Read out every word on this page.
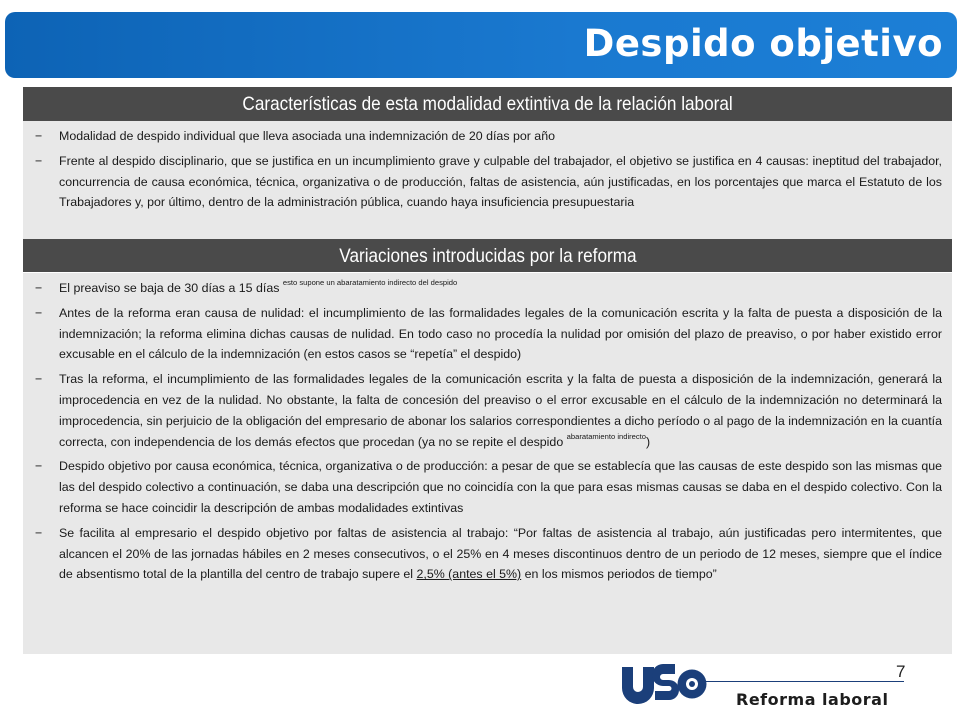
Despido objetivo
Características de esta modalidad extintiva de la relación laboral
− Modalidad de despido individual que lleva asociada una indemnización de 20 días por año
− Frente al despido disciplinario, que se justifica en un incumplimiento grave y culpable del trabajador, el objetivo se justifica en 4 causas: ineptitud del trabajador, concurrencia de causa económica, técnica, organizativa o de producción, faltas de asistencia, aún justificadas, en los porcentajes que marca el Estatuto de los Trabajadores y, por último, dentro de la administración pública, cuando haya insuficiencia presupuestaria
Variaciones introducidas por la reforma
− El preaviso se baja de 30 días a 15 días $^{esto supone un abaratamiento indirecto del despido}$
− Antes de la reforma eran causa de nulidad: el incumplimiento de las formalidades legales de la comunicación escrita y la falta de puesta a disposición de la indemnización; la reforma elimina dichas causas de nulidad. En todo caso no procedía la nulidad por omisión del plazo de preaviso, o por haber existido error excusable en el cálculo de la indemnización (en estos casos se “repetía” el despido)
− Tras la reforma, el incumplimiento de las formalidades legales de la comunicación escrita y la falta de puesta a disposición de la indemnización, generará la improcedencia en vez de la nulidad. No obstante, la falta de concesión del preaviso o el error excusable en el cálculo de la indemnización no determinará la improcedencia, sin perjuicio de la obligación del empresario de abonar los salarios correspondientes a dicho período o al pago de la indemnización en la cuantía correcta, con independencia de los demás efectos que procedan (ya no se repite el despido $^{abaratamiento indirecto}$)
− Despido objetivo por causa económica, técnica, organizativa o de producción: a pesar de que se establecía que las causas de este despido son las mismas que las del despido colectivo a continuación, se daba una descripción que no coincidía con la que para esas mismas causas se daba en el despido colectivo. Con la reforma se hace coincidir la descripción de ambas modalidades extintivas
− Se facilita al empresario el despido objetivo por faltas de asistencia al trabajo: “Por faltas de asistencia al trabajo, aún justificadas pero intermitentes, que alcancen el 20% de las jornadas hábiles en 2 meses consecutivos, o el 25% en 4 meses discontinuos dentro de un periodo de 12 meses, siempre que el índice de absentismo total de la plantilla del centro de trabajo supere el 2,5% (antes el 5%) en los mismos periodos de tiempo”
7
Reforma laboral
